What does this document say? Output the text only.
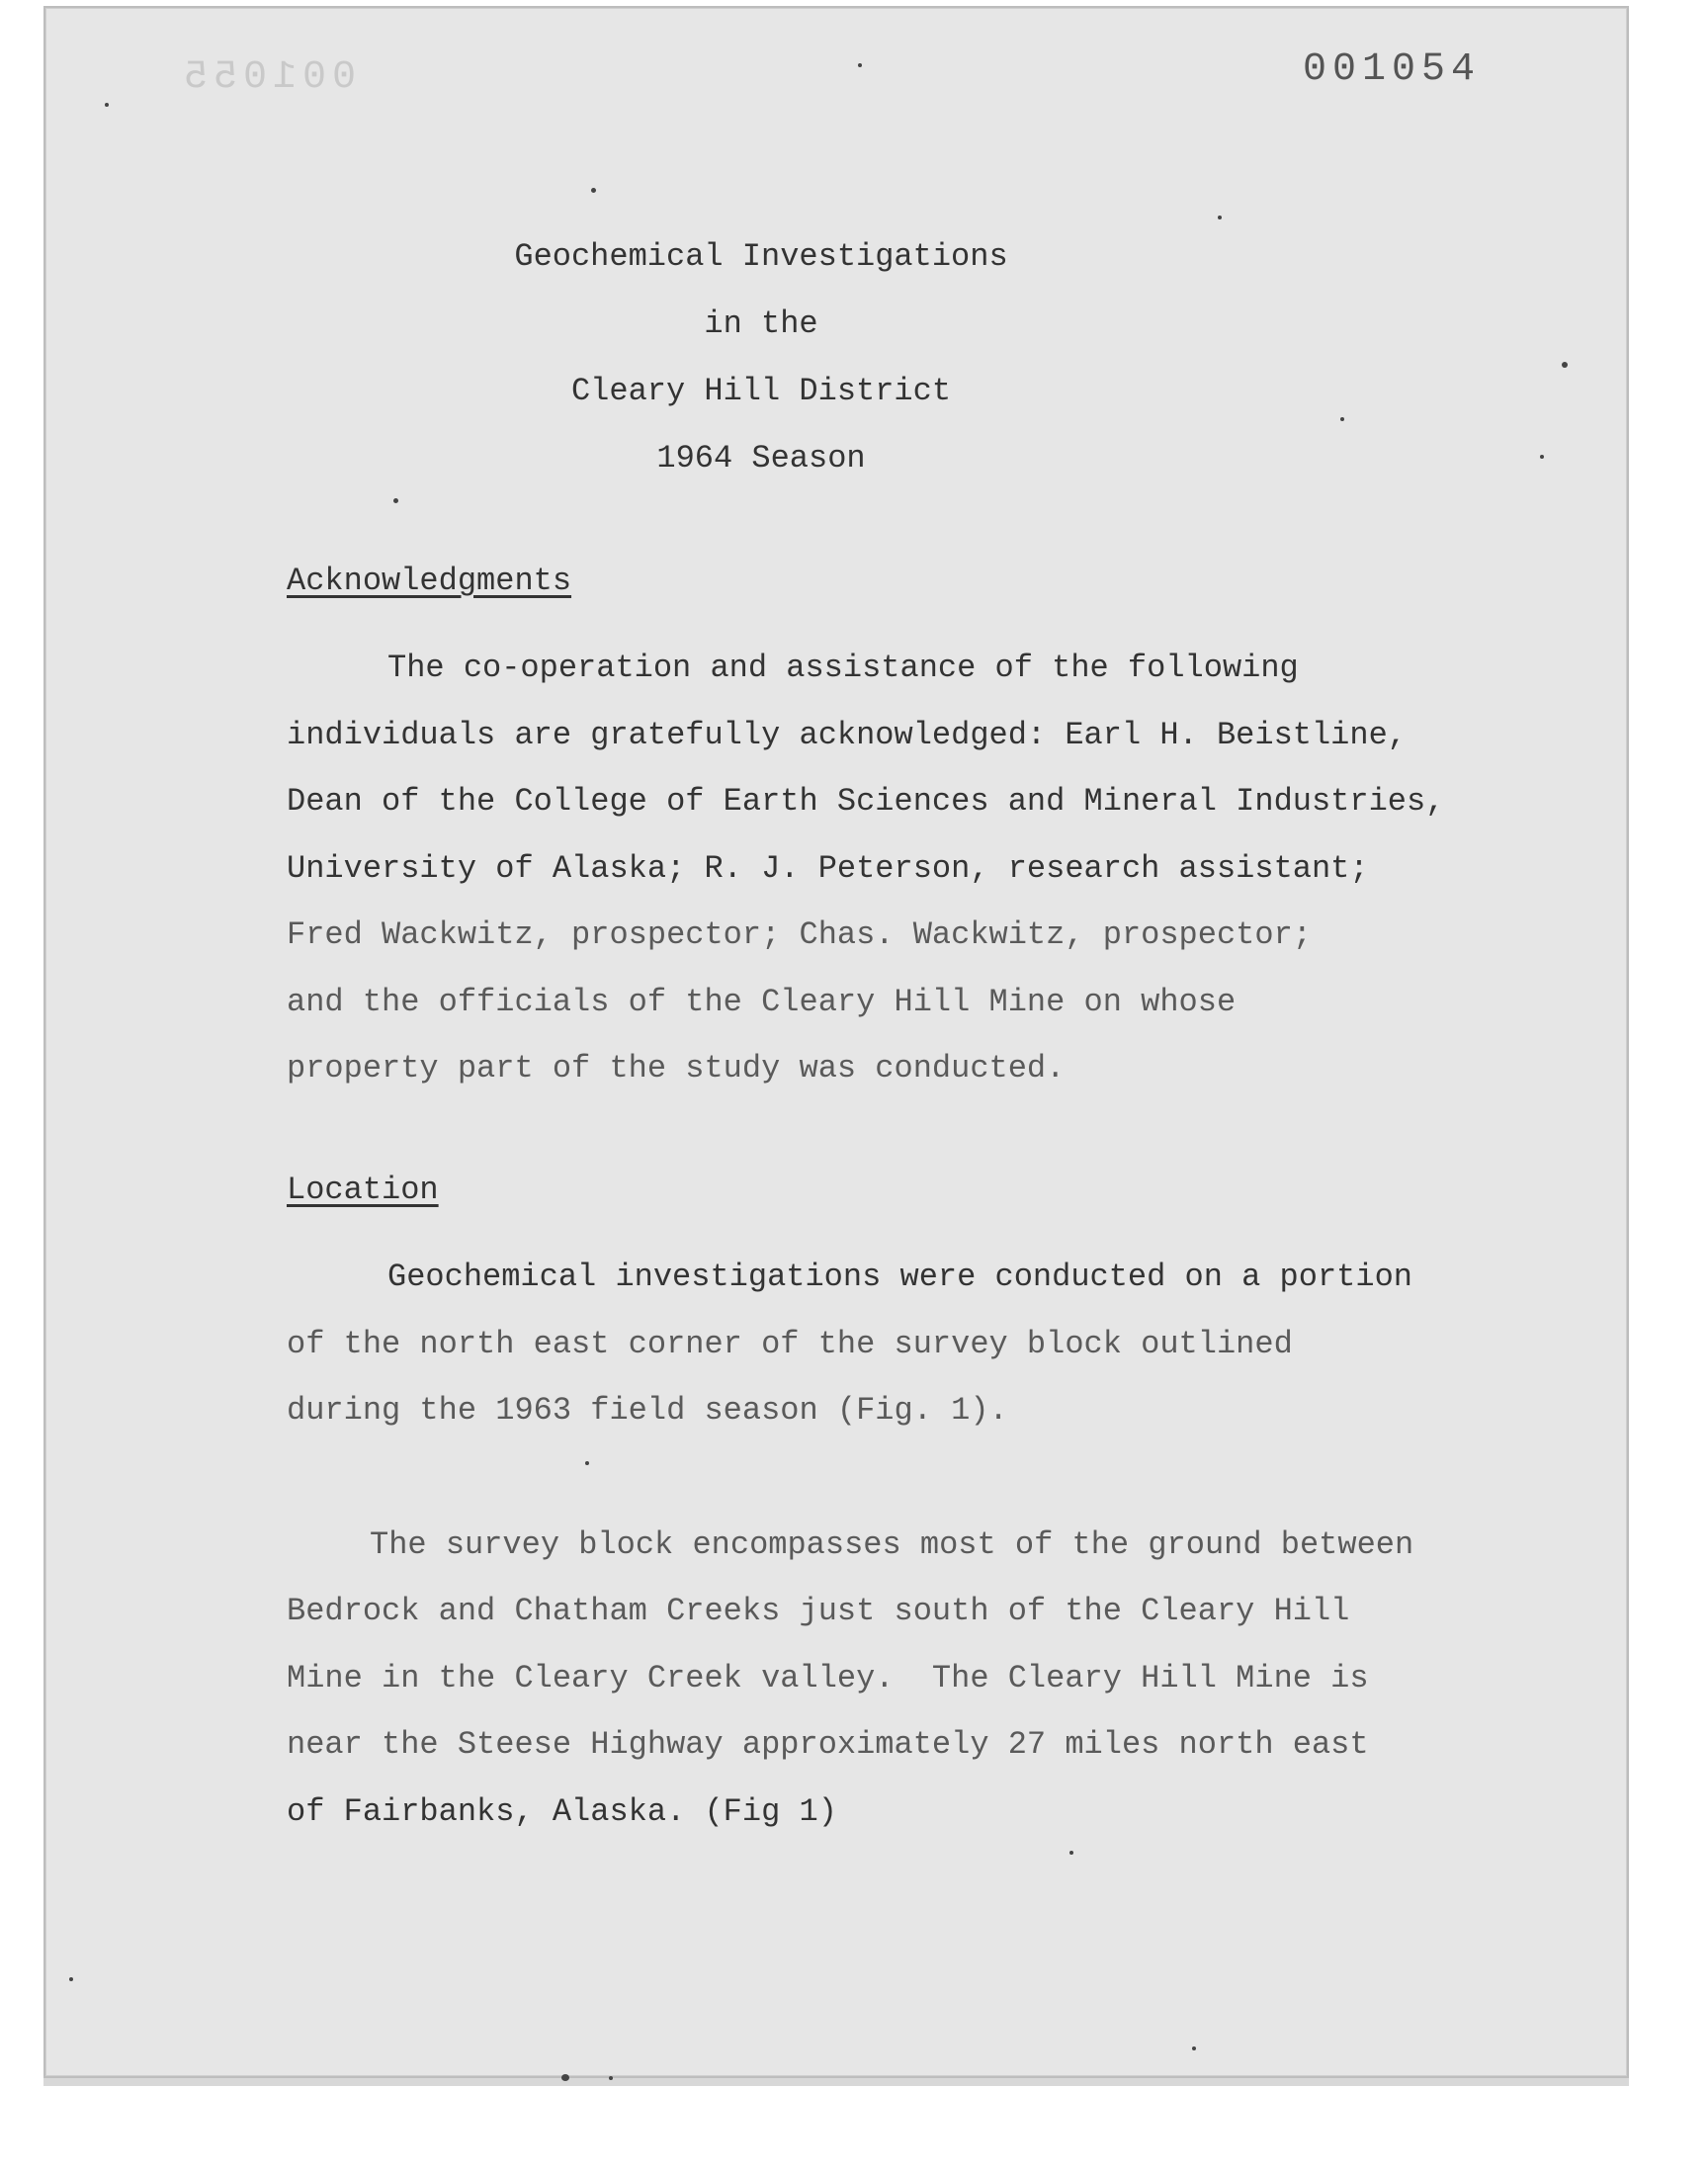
001055	001054
Geochemical Investigations
in the
Cleary Hill District
1964 Season
Acknowledgments
The co-operation and assistance of the following
individuals are gratefully acknowledged: Earl H. Beistline,
Dean of the College of Earth Sciences and Mineral Industries,
University of Alaska; R. J. Peterson, research assistant;
Fred Wackwitz, prospector; Chas. Wackwitz, prospector;
and the officials of the Cleary Hill Mine on whose
property part of the study was conducted.
Location
Geochemical investigations were conducted on a portion
of the north east corner of the survey block outlined
during the 1963 field season (Fig. 1).
The survey block encompasses most of the ground between
Bedrock and Chatham Creeks just south of the Cleary Hill
Mine in the Cleary Creek valley.  The Cleary Hill Mine is
near the Steese Highway approximately 27 miles north east
of Fairbanks, Alaska. (Fig 1)
